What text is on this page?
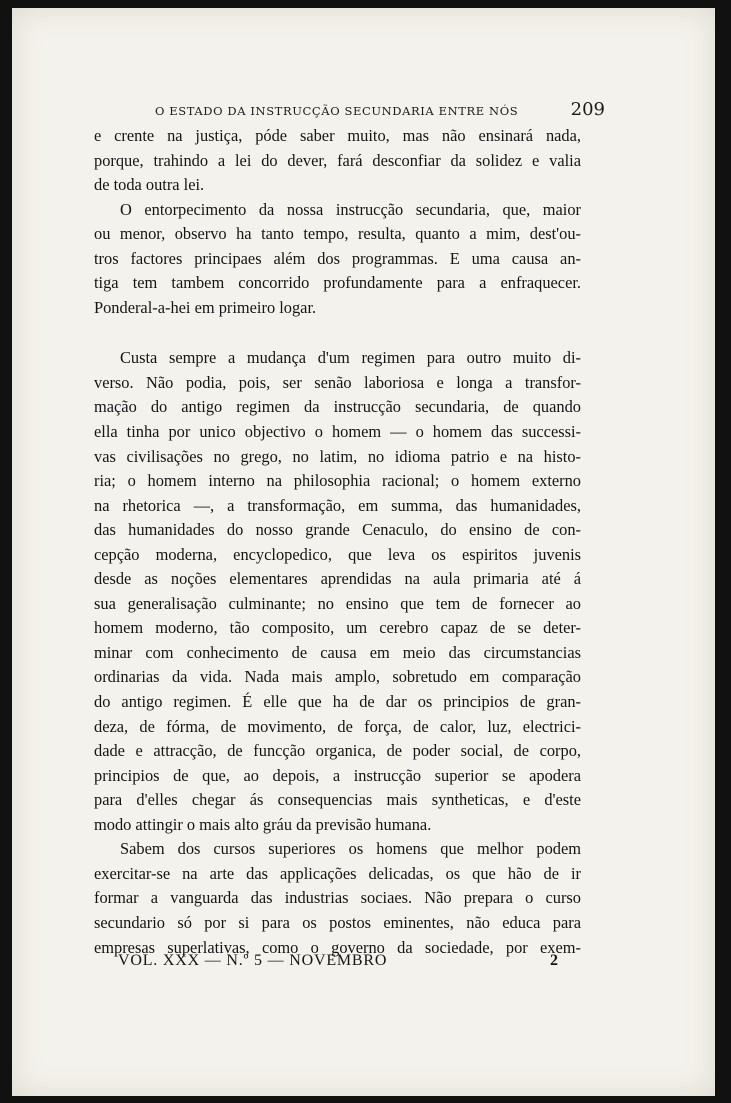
O ESTADO DA INSTRUCÇÃO SECUNDARIA ENTRE NÓS	209

e crente na justiça, póde saber muito, mas não ensinará nada,
porque, trahindo a lei do dever, fará desconfiar da solidez e valia
de toda outra lei.

O entorpecimento da nossa instrucção secundaria, que, maior
ou menor, observo ha tanto tempo, resulta, quanto a mim, dest'ou-
tros factores principaes além dos programmas. E uma causa an-
tiga tem tambem concorrido profundamente para a enfraquecer.
Ponderal-a-hei em primeiro logar.

Custa sempre a mudança d'um regimen para outro muito di-
verso. Não podia, pois, ser senão laboriosa e longa a transfor-
mação do antigo regimen da instrucção secundaria, de quando
ella tinha por unico objectivo o homem — o homem das successi-
vas civilisações no grego, no latim, no idioma patrio e na histo-
ria; o homem interno na philosophia racional; o homem externo
na rhetorica —, a transformação, em summa, das humanidades,
das humanidades do nosso grande Cenaculo, do ensino de con-
cepção moderna, encyclopedico, que leva os espiritos juvenis
desde as noções elementares aprendidas na aula primaria até á
sua generalisação culminante; no ensino que tem de fornecer ao
homem moderno, tão composito, um cerebro capaz de se deter-
minar com conhecimento de causa em meio das circumstancias
ordinarias da vida. Nada mais amplo, sobretudo em comparação
do antigo regimen. É elle que ha de dar os principios de gran-
deza, de fórma, de movimento, de força, de calor, luz, electrici-
dade e attracção, de funcção organica, de poder social, de corpo,
principios de que, ao depois, a instrucção superior se apodera
para d'elles chegar ás consequencias mais syntheticas, e d'este
modo attingir o mais alto gráu da previsão humana.

Sabem dos cursos superiores os homens que melhor podem
exercitar-se na arte das applicações delicadas, os que hão de ir
formar a vanguarda das industrias sociaes. Não prepara o curso
secundario só por si para os postos eminentes, não educa para
empresas superlativas, como o governo da sociedade, por exem-

VOL. XXX — N.º 5 — NOVEMBRO	2
